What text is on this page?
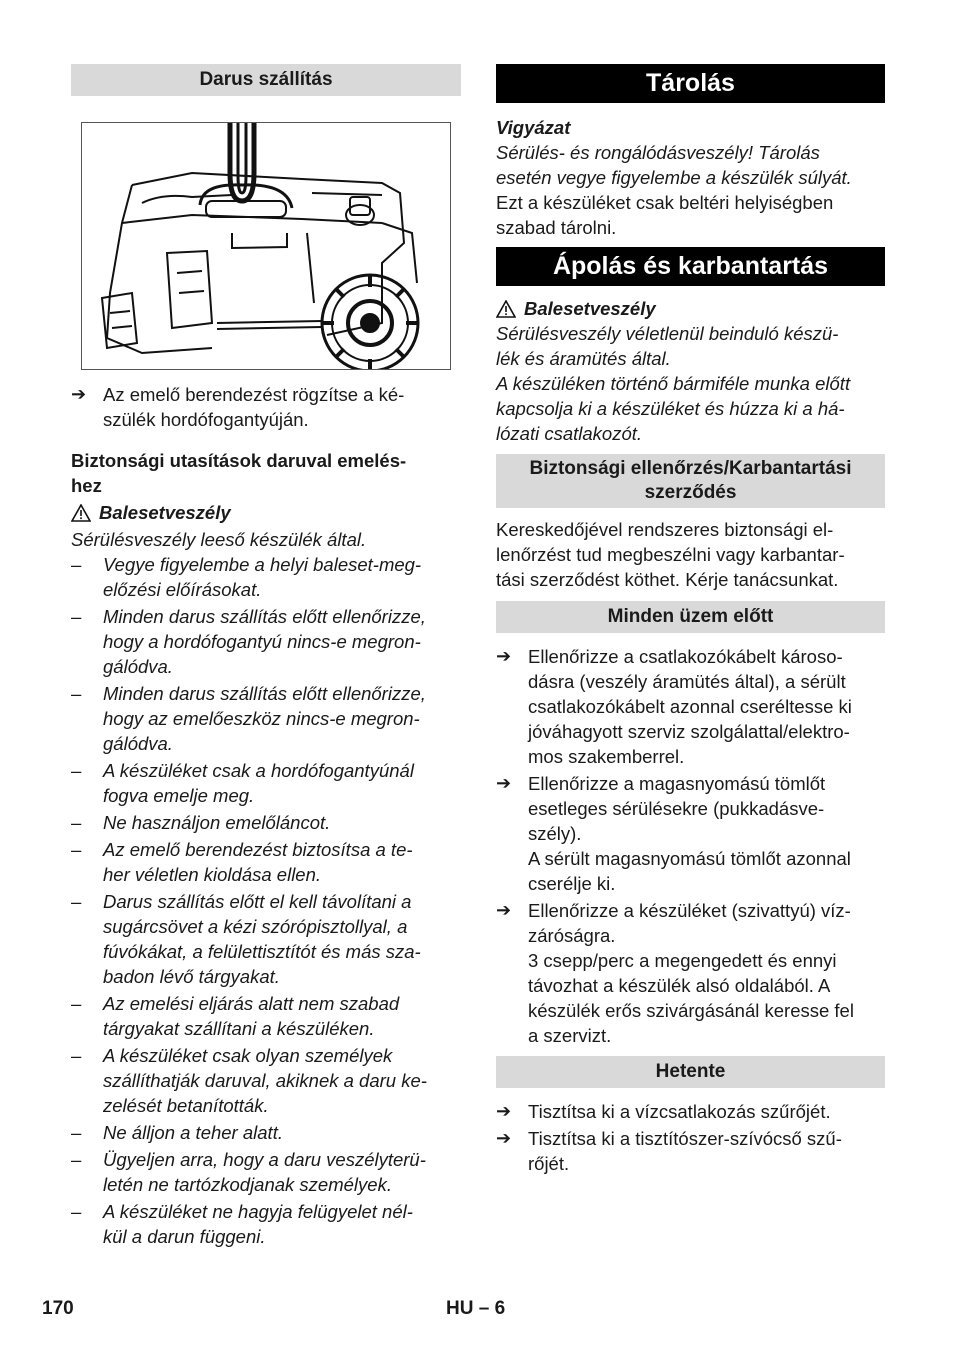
Darus szállítás
➔ Az emelő berendezést rögzítse a ké-
szülék hordófogantyúján.

Biztonsági utasítások daruval emelés-
hez

Balesetveszély

Sérülésveszély leeső készülék által.

– Vegye figyelembe a helyi baleset-meg-
előzési előírásokat.
– Minden darus szállítás előtt ellenőrizze,
hogy a hordófogantyú nincs-e megron-
gálódva.
– Minden darus szállítás előtt ellenőrizze,
hogy az emelőeszköz nincs-e megron-
gálódva.
– A készüléket csak a hordófogantyúnál
fogva emelje meg.
– Ne használjon emelőláncot.
– Az emelő berendezést biztosítsa a te-
her véletlen kioldása ellen.
– Darus szállítás előtt el kell távolítani a
sugárcsövet a kézi szórópisztollyal, a
fúvókákat, a felülettisztítót és más sza-
badon lévő tárgyakat.
– Az emelési eljárás alatt nem szabad
tárgyakat szállítani a készüléken.
– A készüléket csak olyan személyek
szállíthatják daruval, akiknek a daru ke-
zelését betanították.
– Ne álljon a teher alatt.
– Ügyeljen arra, hogy a daru veszélyterü-
letén ne tartózkodjanak személyek.
– A készüléket ne hagyja felügyelet nél-
kül a darun függeni.
Tárolás

Vigyázat

Sérülés- és rongálódásveszély! Tárolás
esetén vegye figyelembe a készülék súlyát.

Ezt a készüléket csak beltéri helyiségben
szabad tárolni.

Ápolás és karbantartás
Balesetveszély

Sérülésveszély véletlenül beinduló készü-
lék és áramütés által.
A készüléken történő bármiféle munka előtt
kapcsolja ki a készüléket és húzza ki a há-
lózati csatlakozót.

Biztonsági ellenőrzés/Karbantartási
szerződés

Kereskedőjével rendszeres biztonsági el-
lenőrzést tud megbeszélni vagy karbantar-
tási szerződést köthet. Kérje tanácsunkat.

Minden üzem előtt
➔ Ellenőrizze a csatlakozókábelt károso-
dásra (veszély áramütés által), a sérült
csatlakozókábelt azonnal cseréltesse ki
jóváhagyott szerviz szolgálattal/elektro-
mos szakemberrel.
➔ Ellenőrizze a magasnyomású tömlőt
esetleges sérülésekre (pukkadásve-
szély).
A sérült magasnyomású tömlőt azonnal
cserélje ki.
➔ Ellenőrizze a készüléket (szivattyú) víz-
záróságra.
3 csepp/perc a megengedett és ennyi
távozhat a készülék alsó oldalából. A
készülék erős szivárgásánál keresse fel
a szervizt.
Hetente
➔ Tisztítsa ki a vízcsatlakozás szűrőjét.
➔ Tisztítsa ki a tisztítószer-szívócső szű-
rőjét.
170	HU – 6
